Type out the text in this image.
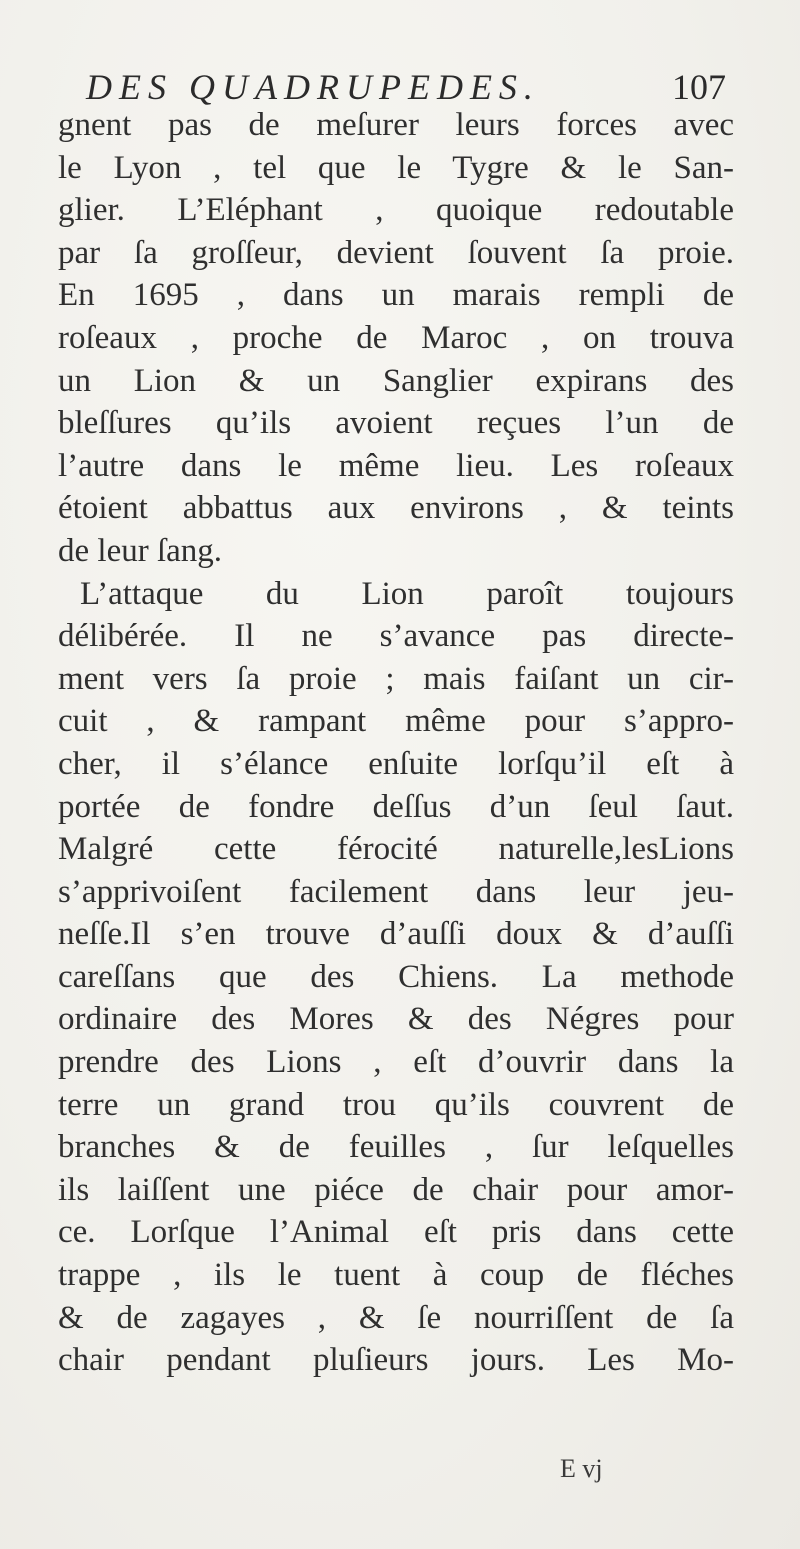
DES QUADRUPEDES.	107
gnent pas de meſurer leurs forces avec
le Lyon , tel que le Tygre & le San-
glier. L’Eléphant , quoique redoutable
par ſa groſſeur, devient ſouvent ſa proie.
En 1695 , dans un marais rempli de
roſeaux , proche de Maroc , on trouva
un Lion & un Sanglier expirans des
bleſſures qu’ils avoient reçues l’un de
l’autre dans le même lieu. Les roſeaux
étoient abbattus aux environs , & teints
de leur ſang.
L’attaque du Lion paroît toujours
délibérée. Il ne s’avance pas directe-
ment vers ſa proie ; mais faiſant un cir-
cuit , & rampant même pour s’appro-
cher, il s’élance enſuite lorſqu’il eſt à
portée de fondre deſſus d’un ſeul ſaut.
Malgré cette férocité naturelle,lesLions
s’apprivoiſent facilement dans leur jeu-
neſſe.Il s’en trouve d’auſſi doux & d’auſſi
careſſans que des Chiens. La methode
ordinaire des Mores & des Négres pour
prendre des Lions , eſt d’ouvrir dans la
terre un grand trou qu’ils couvrent de
branches & de feuilles , ſur leſquelles
ils laiſſent une piéce de chair pour amor-
ce. Lorſque l’Animal eſt pris dans cette
trappe , ils le tuent à coup de fléches
& de zagayes , & ſe nourriſſent de ſa
chair pendant pluſieurs jours. Les Mo-
E vj
